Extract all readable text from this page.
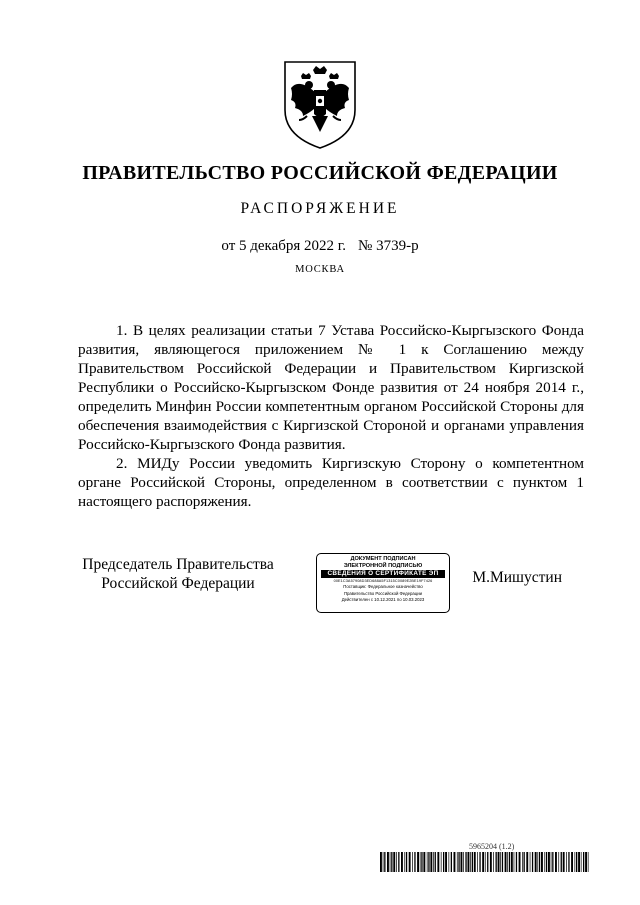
ПРАВИТЕЛЬСТВО РОССИЙСКОЙ ФЕДЕРАЦИИ
РАСПОРЯЖЕНИЕ
от 5 декабря 2022 г. № 3739-р
МОСКВА

1. В целях реализации статьи 7 Устава Российско-Кыргызского Фонда развития, являющегося приложением № 1 к Соглашению между Правительством Российской Федерации и Правительством Киргизской Республики о Российско-Кыргызском Фонде развития от 24 ноября 2014 г., определить Минфин России компетентным органом Российской Стороны для обеспечения взаимодействия с Киргизской Стороной и органами управления Российско-Кыргызского Фонда развития.

2. МИДу России уведомить Киргизскую Сторону о компетентном органе Российской Стороны, определенном в соответствии с пунктом 1 настоящего распоряжения.

Председатель Правительства
Российской Федерации
ДОКУМЕНТ ПОДПИСАН
ЭЛЕКТРОННОЙ ПОДПИСЬЮ
СВЕДЕНИЯ О СЕРТИФИКАТЕ ЭП
00E1C3A57908D3ED688A5F1315C0089E2BE19F7426
Поставщик: Федеральное казначейство
Правительство Российской Федерации
Действителен с 10.12.2021 по 10.03.2023
М.Мишустин
5965204 (1.2)
